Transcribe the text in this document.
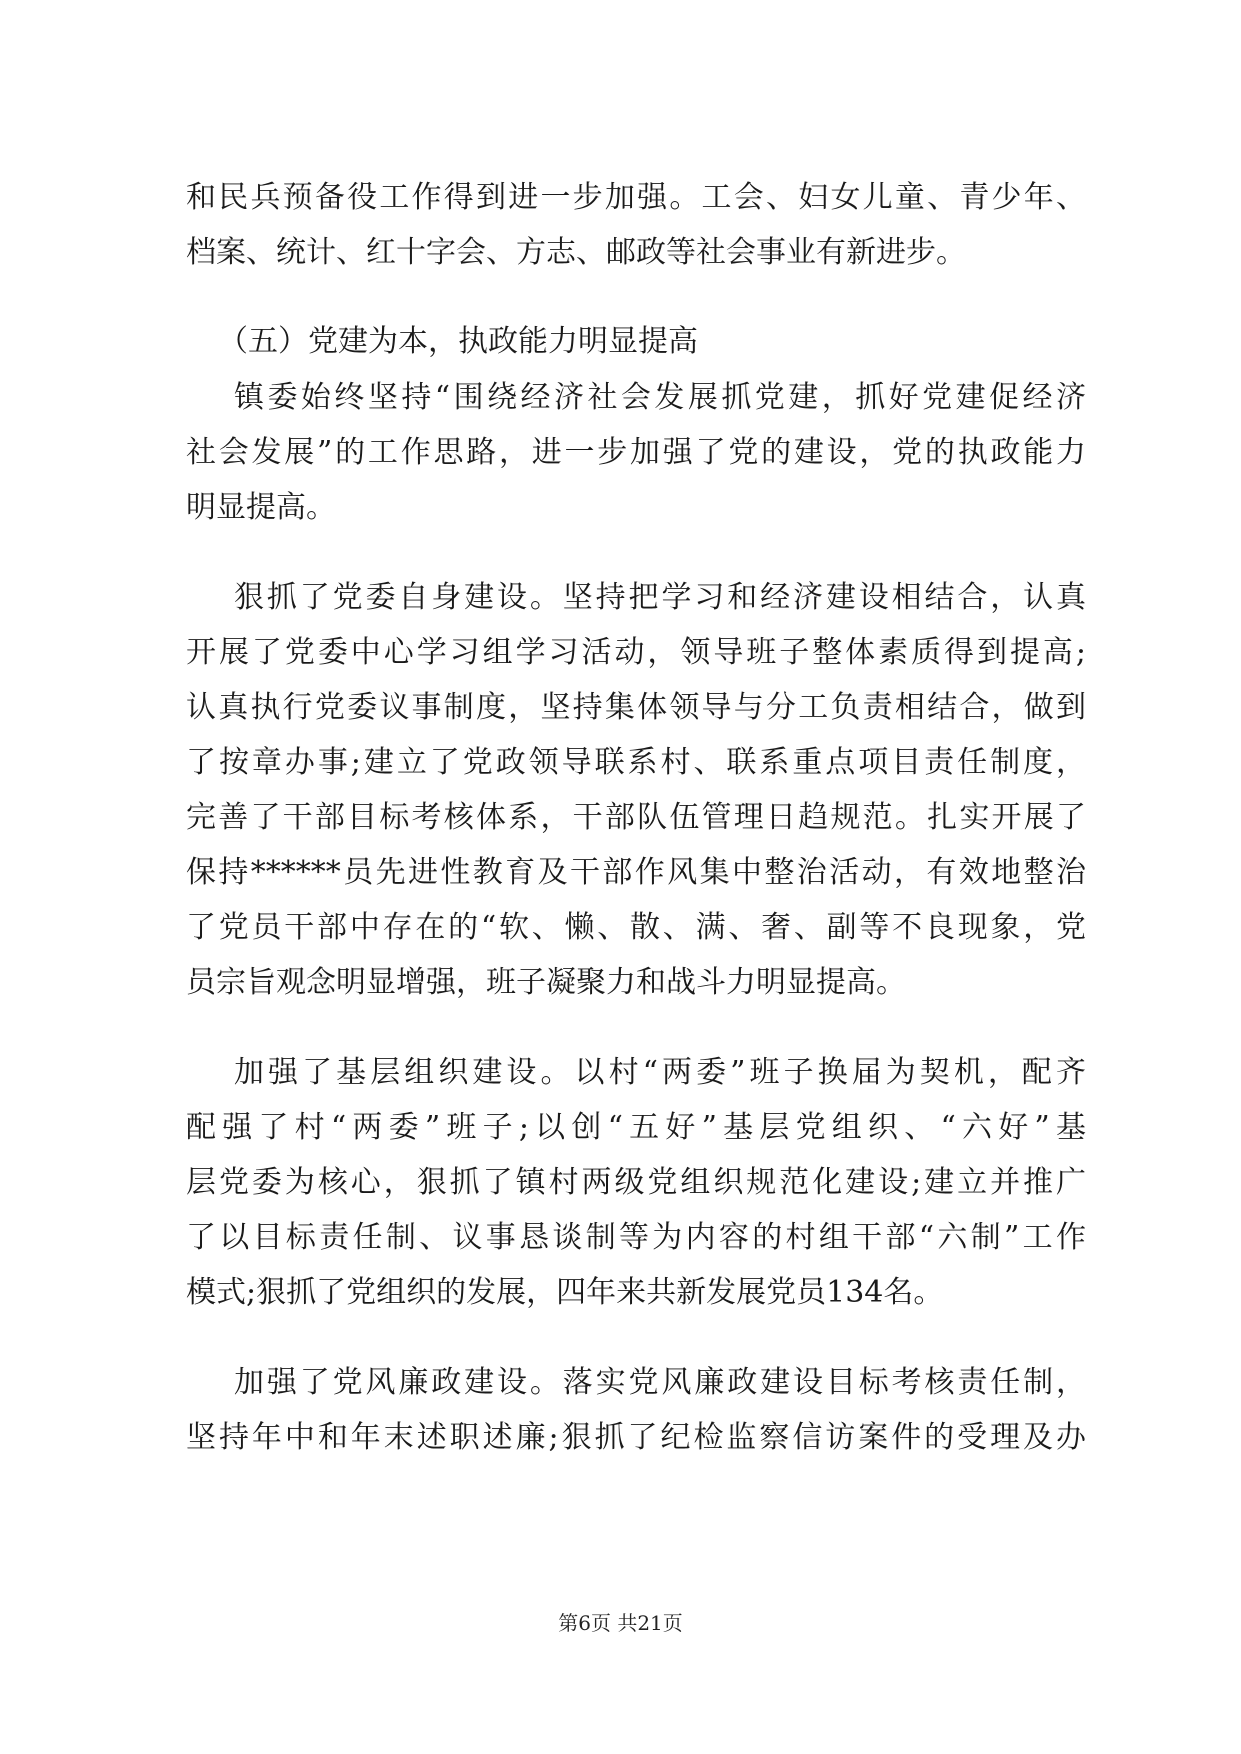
和民兵预备役工作得到进一步加强。工会、妇女儿童、青少年、
档案、统计、红十字会、方志、邮政等社会事业有新进步。
（五）党建为本，执政能力明显提高
镇委始终坚持“围绕经济社会发展抓党建，抓好党建促经济
社会发展”的工作思路，进一步加强了党的建设，党的执政能力
明显提高。
狠抓了党委自身建设。坚持把学习和经济建设相结合，认真
开展了党委中心学习组学习活动，领导班子整体素质得到提高;
认真执行党委议事制度，坚持集体领导与分工负责相结合，做到
了按章办事;建立了党政领导联系村、联系重点项目责任制度，
完善了干部目标考核体系，干部队伍管理日趋规范。扎实开展了
保持******员先进性教育及干部作风集中整治活动，有效地整治
了党员干部中存在的“软、懒、散、满、奢、副等不良现象，党
员宗旨观念明显增强，班子凝聚力和战斗力明显提高。
加强了基层组织建设。以村“两委”班子换届为契机，配齐
配强了村“两委”班子;以创“五好”基层党组织、“六好”基
层党委为核心，狠抓了镇村两级党组织规范化建设;建立并推广
了以目标责任制、议事恳谈制等为内容的村组干部“六制”工作
模式;狠抓了党组织的发展，四年来共新发展党员134名。
加强了党风廉政建设。落实党风廉政建设目标考核责任制，
坚持年中和年末述职述廉;狠抓了纪检监察信访案件的受理及办
第6页 共21页
